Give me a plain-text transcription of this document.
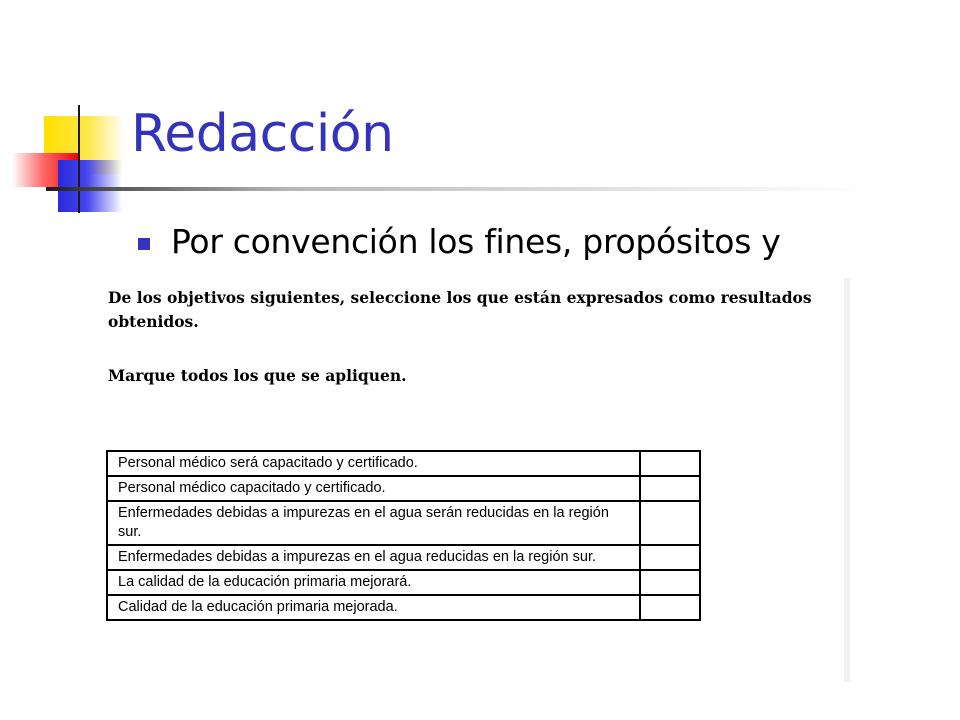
Redacción
Por convención los fines, propósitos y

De los objetivos siguientes, seleccione los que están expresados como resultados obtenidos.

Marque todos los que se apliquen.

Personal médico será capacitado y certificado.	
Personal médico capacitado y certificado.	
Enfermedades debidas a impurezas en el agua serán reducidas en la región sur.	
Enfermedades debidas a impurezas en el agua reducidas en la región sur.	
La calidad de la educación primaria mejorará.	
Calidad de la educación primaria mejorada.	
